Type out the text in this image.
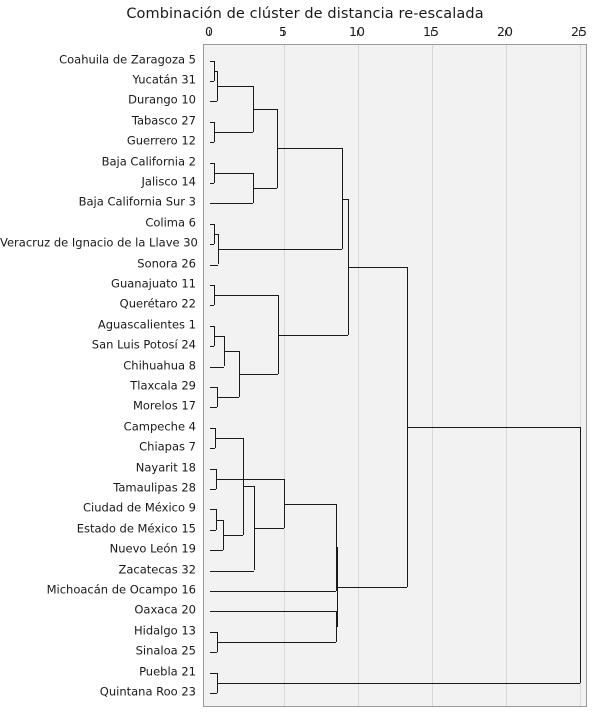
Combinación de clúster de distancia re-escalada
0	5	10	15	20	25
Coahuila de Zaragoza 5
Yucatán 31
Durango 10
Tabasco 27
Guerrero 12
Baja California 2
Jalisco 14
Baja California Sur 3
Colima 6
Veracruz de Ignacio de la Llave 30
Sonora 26
Guanajuato 11
Querétaro 22
Aguascalientes 1
San Luis Potosí 24
Chihuahua 8
Tlaxcala 29
Morelos 17
Campeche 4
Chiapas 7
Nayarit 18
Tamaulipas 28
Ciudad de México 9
Estado de México 15
Nuevo León 19
Zacatecas 32
Michoacán de Ocampo 16
Oaxaca 20
Hidalgo 13
Sinaloa 25
Puebla 21
Quintana Roo 23
